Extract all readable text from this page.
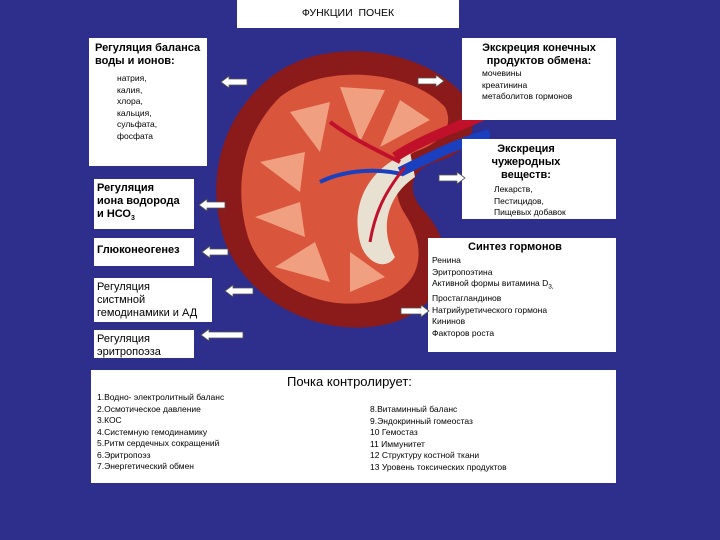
ФУНКЦИИ  ПОЧЕК
Регуляция баланса воды и ионов:
натрия,
калия,
хлора,
кальция,
сульфата,
фосфата
Регуляция
иона водорода
и $НСО_3$
Глюконеогенез
Регуляция
систмной
гемодинамики и АД
Регуляция
эритропоэза
Экскреция конечных продуктов обмена:
мочевины
креатинина
метаболитов гормонов
Экскреция чужеродных веществ:
Лекарств,
Пестицидов,
Пищевых добавок
Синтез гормонов
Ренина
Эритропоэтина
Активной формы витамина $D_{3,}$
Простагландинов
Натрийуретического гормона
Кининов
Факторов роста
Почка контролирует:
1.Водно- электролитный баланс
2.Осмотическое давление
3.КОС
4.Системную гемодинамику
5.Ритм сердечных сокращений
6.Эритропоэз
7.Энергетический обмен
8.Витаминный баланс
9.Эндокринный гомеостаз
10 Гемостаз
11 Иммунитет
12 Структуру костной ткани
13 Уровень токсических продуктов
